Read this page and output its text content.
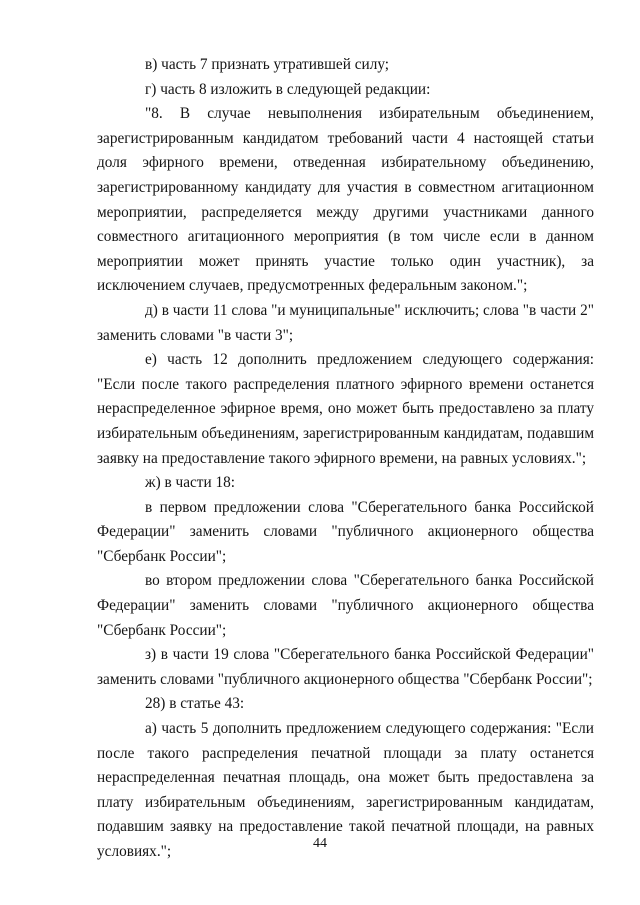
в) часть 7 признать утратившей силу;

г) часть 8 изложить в следующей редакции:

"8. В случае невыполнения избирательным объединением, зарегистрированным кандидатом требований части 4 настоящей статьи доля эфирного времени, отведенная избирательному объединению, зарегистрированному кандидату для участия в совместном агитационном мероприятии, распределяется между другими участниками данного совместного агитационного мероприятия (в том числе если в данном мероприятии может принять участие только один участник), за исключением случаев, предусмотренных федеральным законом.";

д) в части 11 слова "и муниципальные" исключить; слова "в части 2" заменить словами "в части 3";

е) часть 12 дополнить предложением следующего содержания: "Если после такого распределения платного эфирного времени останется нераспределенное эфирное время, оно может быть предоставлено за плату избирательным объединениям, зарегистрированным кандидатам, подавшим заявку на предоставление такого эфирного времени, на равных условиях.";

ж) в части 18:

в первом предложении слова "Сберегательного банка Российской Федерации" заменить словами "публичного акционерного общества "Сбербанк России";

во втором предложении слова "Сберегательного банка Российской Федерации" заменить словами "публичного акционерного общества "Сбербанк России";

з) в части 19 слова "Сберегательного банка Российской Федерации" заменить словами "публичного акционерного общества "Сбербанк России";

28) в статье 43:

а) часть 5 дополнить предложением следующего содержания: "Если после такого распределения печатной площади за плату останется нераспределенная печатная площадь, она может быть предоставлена за плату избирательным объединениям, зарегистрированным кандидатам, подавшим заявку на предоставление такой печатной площади, на равных условиях.";	44
